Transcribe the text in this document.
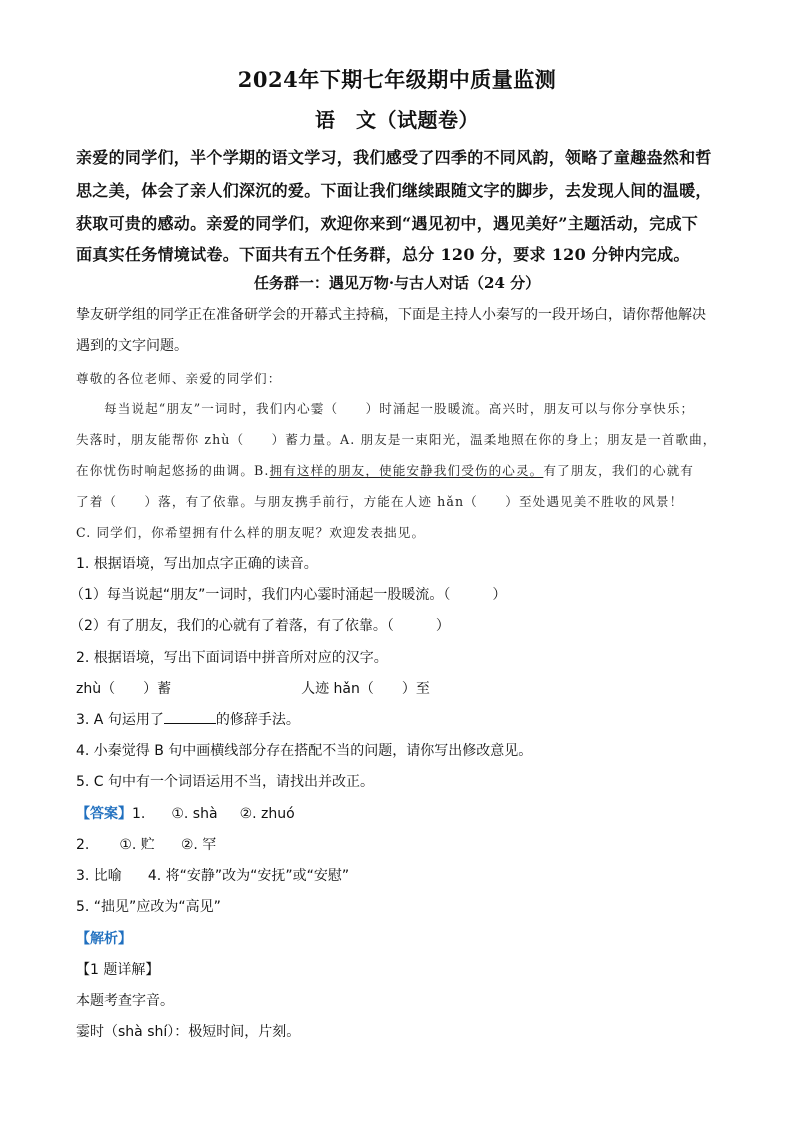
2024年下期七年级期中质量监测
语　文（试题卷）
亲爱的同学们，半个学期的语文学习，我们感受了四季的不同风韵，领略了童趣盎然和哲
思之美，体会了亲人们深沉的爱。下面让我们继续跟随文字的脚步，去发现人间的温暖，
获取可贵的感动。亲爱的同学们，欢迎你来到“遇见初中，遇见美好”主题活动，完成下
面真实任务情境试卷。下面共有五个任务群，总分 120 分，要求 120 分钟内完成。
任务群一：遇见万物·与古人对话（24 分）
挚友研学组的同学正在准备研学会的开幕式主持稿，下面是主持人小秦写的一段开场白，请你帮他解决
遇到的文字问题。
尊敬的各位老师、亲爱的同学们：
每当说起“朋友”一词时，我们内心霎（　　）时涌起一股暖流。高兴时，朋友可以与你分享快乐；
失落时，朋友能帮你 zhù（　　）蓄力量。A. 朋友是一束阳光，温柔地照在你的身上；朋友是一首歌曲，
在你忧伤时响起悠扬的曲调。B.拥有这样的朋友，使能安静我们受伤的心灵。有了朋友，我们的心就有
了着（　　）落，有了依靠。与朋友携手前行，方能在人迹 hǎn（　　）至处遇见美不胜收的风景！
C. 同学们，你希望拥有什么样的朋友呢？欢迎发表拙见。
1. 根据语境，写出加点字正确的读音。
（1）每当说起“朋友”一词时，我们内心霎时涌起一股暖流。（　　　）
（2）有了朋友，我们的心就有了着落，有了依靠。（　　　）
2. 根据语境，写出下面词语中拼音所对应的汉字。
zhù（　　）蓄	人迹 hǎn（　　）至
3. A 句运用了	的修辞手法。
4. 小秦觉得 B 句中画横线部分存在搭配不当的问题，请你写出修改意见。
5. C 句中有一个词语运用不当，请找出并改正。
【答案】1. ①. shà ②. zhuó
2. ①. 贮 ②. 罕
3. 比喻 4. 将“安静”改为“安抚”或“安慰”
5. “拙见”应改为“高见”
【解析】
【1 题详解】
本题考查字音。
霎时（shà shí）：极短时间，片刻。
